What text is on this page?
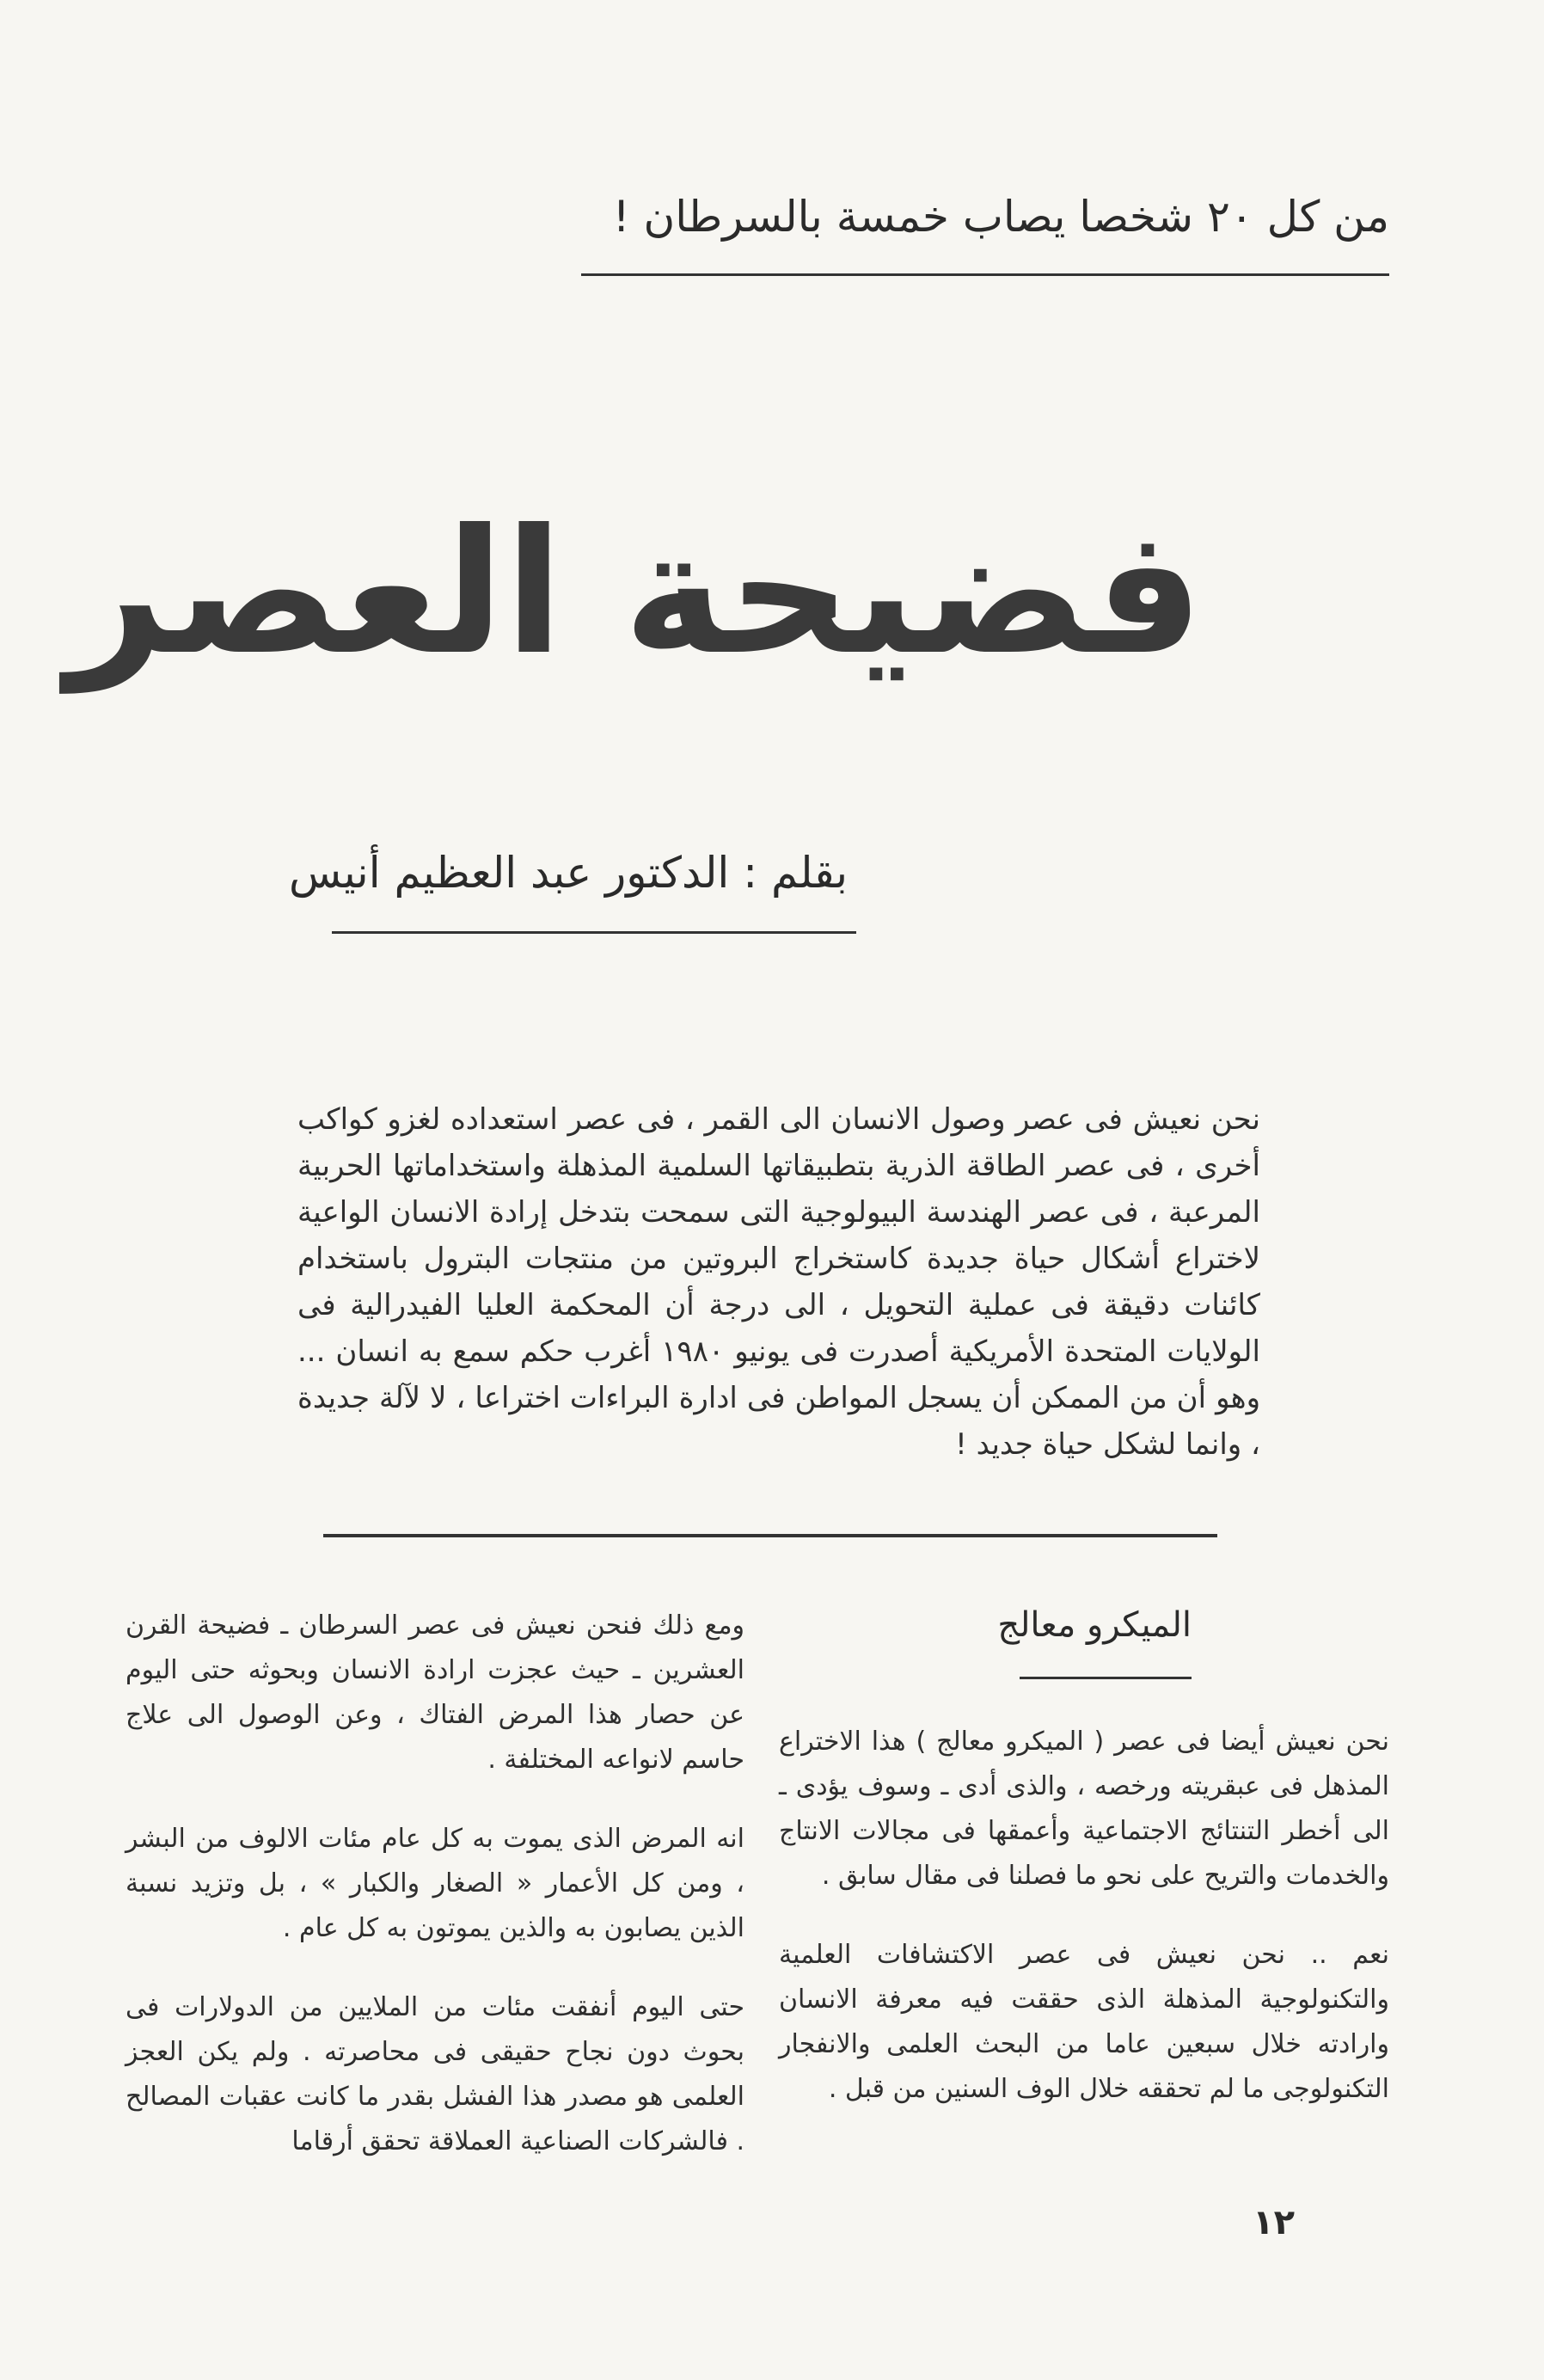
من كل ٢٠ شخصا يصاب خمسة بالسرطان !
فضيحة العصر
بقلم : الدكتور عبد العظيم أنيس
نحن نعيش فى عصر وصول الانسان الى القمر ، فى عصر استعداده لغزو كواكب أخرى ، فى عصر الطاقة الذرية بتطبيقاتها السلمية المذهلة واستخداماتها الحربية المرعبة ، فى عصر الهندسة البيولوجية التى سمحت بتدخل إرادة الانسان الواعية لاختراع أشكال حياة جديدة كاستخراج البروتين من منتجات البترول باستخدام كائنات دقيقة فى عملية التحويل ، الى درجة أن المحكمة العليا الفيدرالية فى الولايات المتحدة الأمريكية أصدرت فى يونيو ١٩٨٠ أغرب حكم سمع به انسان ... وهو أن من الممكن أن يسجل المواطن فى ادارة البراءات اختراعا ، لا لآلة جديدة ، وانما لشكل حياة جديد !
الميكرو معالج

نحن نعيش أيضا فى عصر ( الميكرو معالج ) هذا الاختراع المذهل فى عبقريته ورخصه ، والذى أدى ـ وسوف يؤدى ـ الى أخطر التنتائج الاجتماعية وأعمقها فى مجالات الانتاج والخدمات والتريح على نحو ما فصلنا فى مقال سابق .

نعم .. نحن نعيش فى عصر الاكتشافات العلمية والتكنولوجية المذهلة الذى حققت فيه معرفة الانسان وارادته خلال سبعين عاما من البحث العلمى والانفجار التكنولوجى ما لم تحققه خلال الوف السنين من قبل .

ومع ذلك فنحن نعيش فى عصر السرطان ـ فضيحة القرن العشرين ـ حيث عجزت ارادة الانسان وبحوثه حتى اليوم عن حصار هذا المرض الفتاك ، وعن الوصول الى علاج حاسم لانواعه المختلفة .

انه المرض الذى يموت به كل عام مئات الالوف من البشر ، ومن كل الأعمار « الصغار والكبار » ، بل وتزيد نسبة الذين يصابون به والذين يموتون به كل عام .

حتى اليوم أنفقت مئات من الملايين من الدولارات فى بحوث دون نجاح حقيقى فى محاصرته . ولم يكن العجز العلمى هو مصدر هذا الفشل بقدر ما كانت عقبات المصالح . فالشركات الصناعية العملاقة تحقق أرقاما

١٢
